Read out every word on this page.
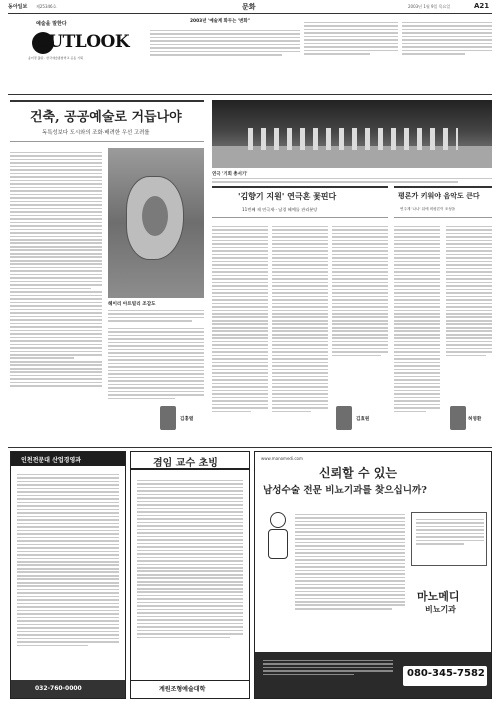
동아일보 제25346호	문화	2003년 1월 9일 목요일	A21
예술을 말한다
OUTLOOK
송미경 출판 · 한국예술종합학교 공동 기획
2003년 '예술계 화두는 '변화''
건축, 공공예술로 거듭나야
독특성보다 도시와의 조화·배려한 우선 고려를
헤이리 아트빌리 조감도
김홍렬
연극 '기회 총서기'
'김향기 지원' 연극혼 꽃핀다
11번째 제 연극제·· 남경 혜예를 관리분당
김효원
평론가 키워야 음악도 큰다
연주계 '나나' 뒤에 비평론이 조성을
허영환
인천전문대 산업경영과
032-760-0000
겸임 교수 초빙
계원조형예술대학
www.manomedi.com
신뢰할 수 있는
남성수술 전문 비뇨기과를 찾으십니까?
마노메디
비뇨기과
080-345-7582
